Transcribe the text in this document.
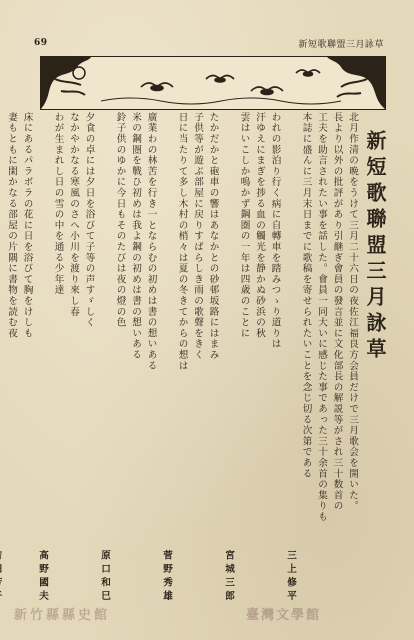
69	新短歌聯盟三月詠草
新短歌聯盟三月詠草
北月作清の晩をうけて三月二十六日の夜佐江福良方会員だけで三月歌会を開いた。
長より以外の批評があり引継ぎ會員の發言並に文化部長の解説等がされ三十数首の
工夫を助言されたい事を話した。會員一同大いに感じた事であった三十余首の集りも
本誌に盛んに三月末日までに歌稿を寄せられたいことを念じ切る次第である
三上修平
われの影泊り行く病に自轉車を踏みつゝり道りは
汗ゆえにまぎを捗る血の觸光を静かぬ砂浜の秋
雲はいこしか鳴かず鋼圏の一年は四歳のことに
宮城三郎
たかだかと砲車の響はあなかとの砂邨坂路にはまみ
子供等が遊ぶ部屋に戻りすばらしき雨の歌聲をきく
日に当たりて多し木村の梢々は夏の冬きてからの想は
菅野秀雄
廣業わの林苦を行き一とならむの初めは書の想いある
米の鋼圏を戰ひ初めは我よ鋼の初めは書の想いある
鈴子供のゆかに今日もそのたびは夜の燈の色
原口和巳
夕食の卓には夕日を浴びて子等の声すゞしく
なかやかなる寒風のさへ小川を渡り來し春
わが生まれし日の雪の中を通る少年達
高野國夫
床にあるパラボラの花に日を浴びて胸をけしも
妻もともに閑かなる部屋の片隅に書物を読む夜
臺灣文學館
新竹縣縣史館
